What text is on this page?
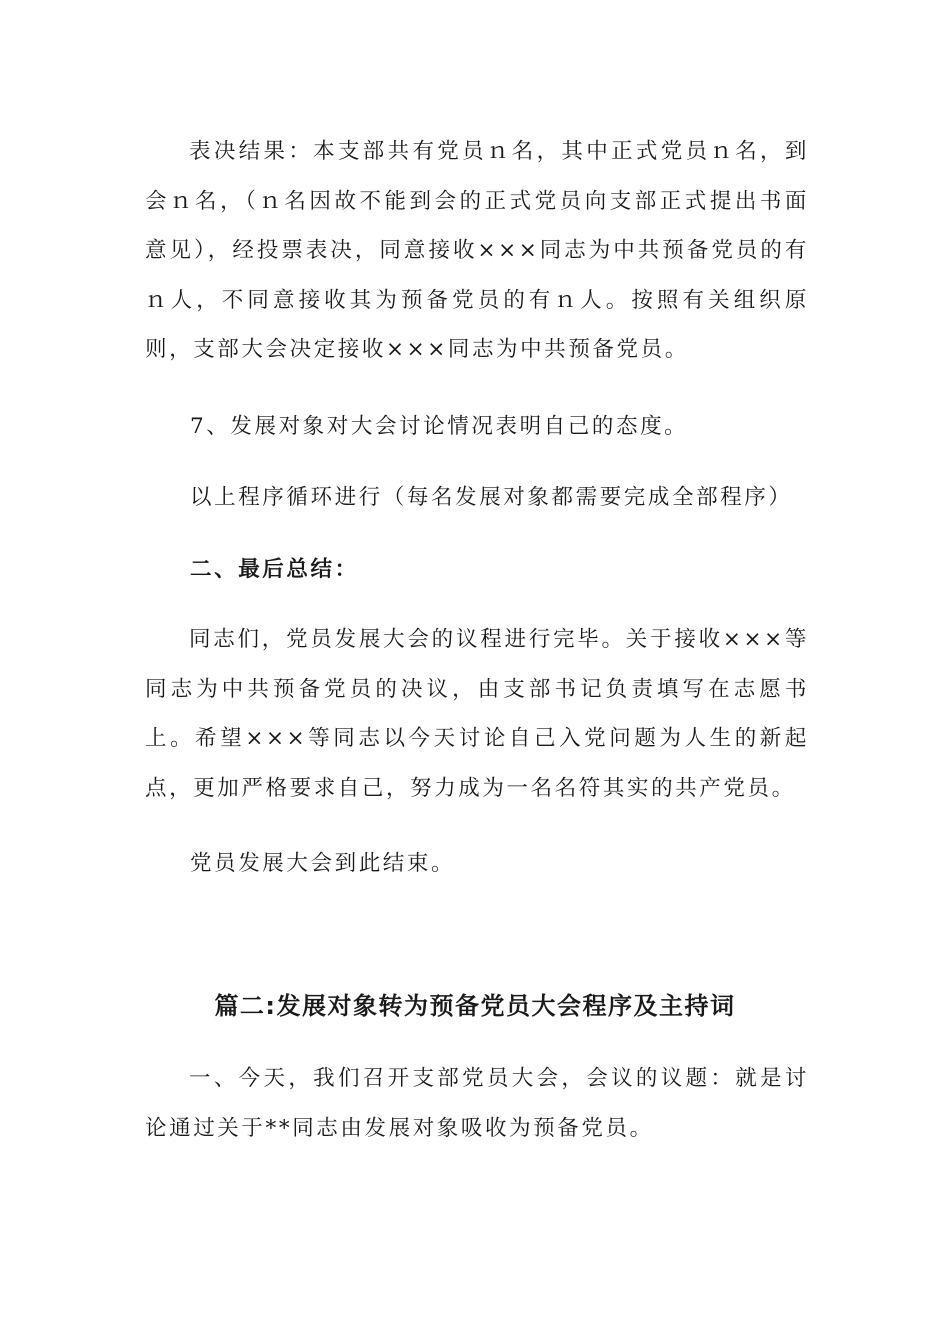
表决结果：本支部共有党员ｎ名，其中正式党员ｎ名，到会ｎ名，（ｎ名因故不能到会的正式党员向支部正式提出书面意见），经投票表决，同意接收×××同志为中共预备党员的有ｎ人，不同意接收其为预备党员的有ｎ人。按照有关组织原则，支部大会决定接收×××同志为中共预备党员。

7、发展对象对大会讨论情况表明自己的态度。

以上程序循环进行（每名发展对象都需要完成全部程序）

二、最后总结：

同志们，党员发展大会的议程进行完毕。关于接收×××等同志为中共预备党员的决议，由支部书记负责填写在志愿书上。希望×××等同志以今天讨论自己入党问题为人生的新起点，更加严格要求自己，努力成为一名名符其实的共产党员。

党员发展大会到此结束。

篇二:发展对象转为预备党员大会程序及主持词

一、今天，我们召开支部党员大会，会议的议题：就是讨论通过关于**同志由发展对象吸收为预备党员。
